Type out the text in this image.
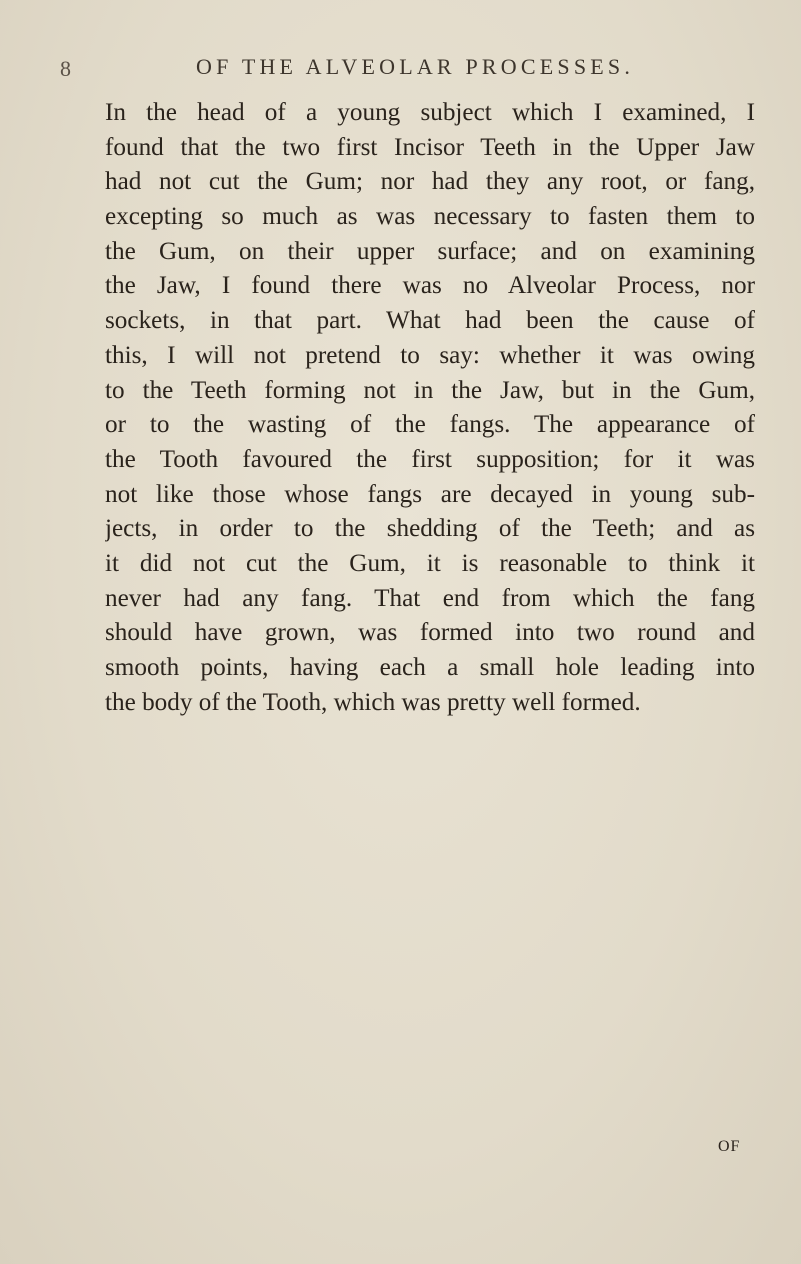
8	OF THE ALVEOLAR PROCESSES.
In the head of a young subject which I examined, I
found that the two first Incisor Teeth in the Upper Jaw
had not cut the Gum; nor had they any root, or fang,
excepting so much as was necessary to fasten them to
the Gum, on their upper surface; and on examining
the Jaw, I found there was no Alveolar Process, nor
sockets, in that part. What had been the cause of
this, I will not pretend to say: whether it was owing
to the Teeth forming not in the Jaw, but in the Gum,
or to the wasting of the fangs. The appearance of
the Tooth favoured the first supposition; for it was
not like those whose fangs are decayed in young sub-
jects, in order to the shedding of the Teeth; and as
it did not cut the Gum, it is reasonable to think it
never had any fang. That end from which the fang
should have grown, was formed into two round and
smooth points, having each a small hole leading into
the body of the Tooth, which was pretty well formed.
OF
